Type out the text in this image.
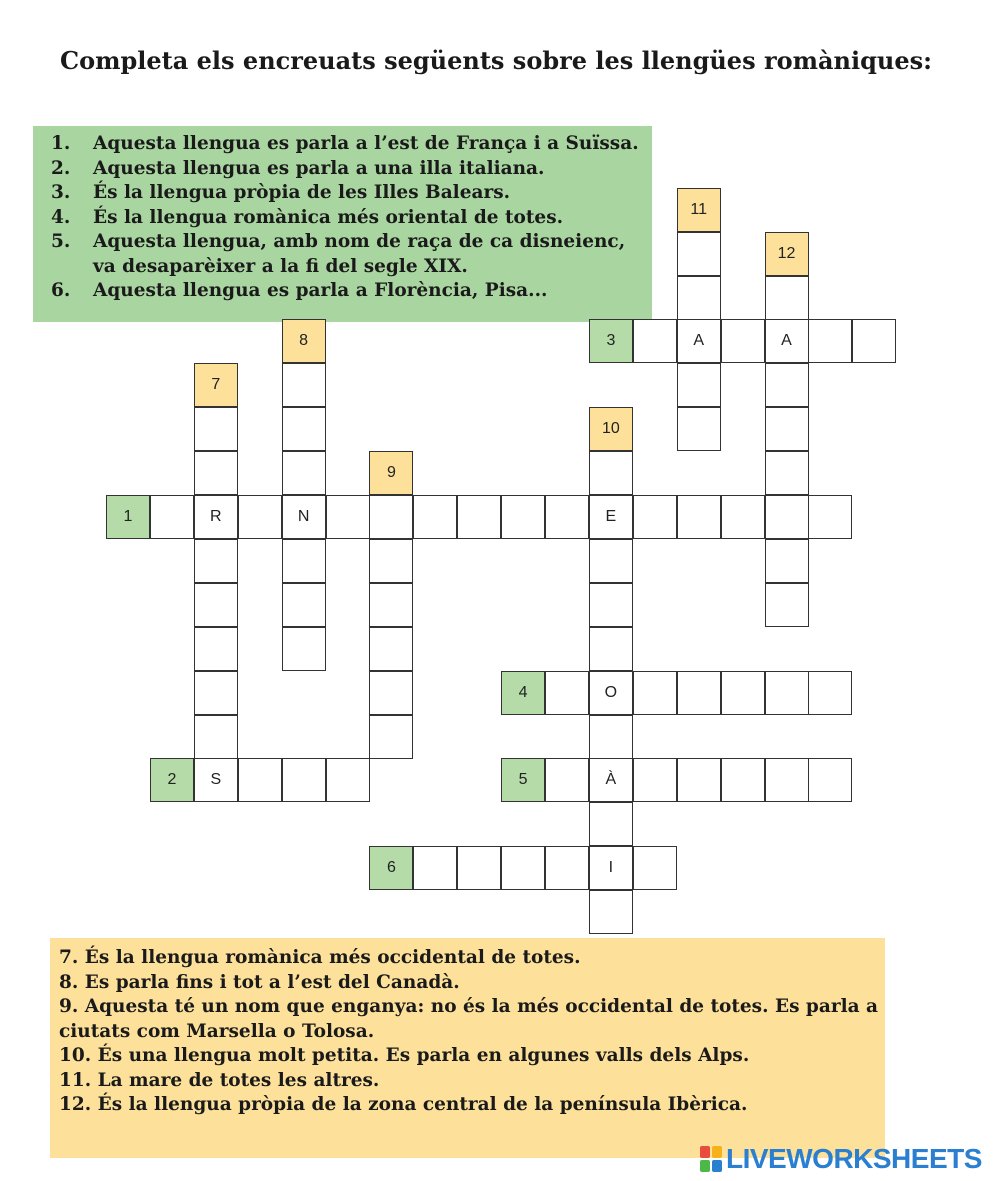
Completa els encreuats següents sobre les llengües romàniques:
1. Aquesta llengua es parla a l’est de França i a Suïssa.
2. Aquesta llengua es parla a una illa italiana.
3. És la llengua pròpia de les Illes Balears.
4. És la llengua romànica més oriental de totes.
5. Aquesta llengua, amb nom de raça de ca disneienc,
va desaparèixer a la fi del segle XIX.
6. Aquesta llengua es parla a Florència, Pisa...
1
2
3
4
5
6
7
8
9
10
11
12
R	N	E
A	A
O
À
S
I
7. És la llengua romànica més occidental de totes.
8. Es parla fins i tot a l’est del Canadà.
9. Aquesta té un nom que enganya: no és la més occidental de totes. Es parla a
ciutats com Marsella o Tolosa.
10. És una llengua molt petita. Es parla en algunes valls dels Alps.
11. La mare de totes les altres.
12. És la llengua pròpia de la zona central de la península Ibèrica.
LIVEWORKSHEETS
